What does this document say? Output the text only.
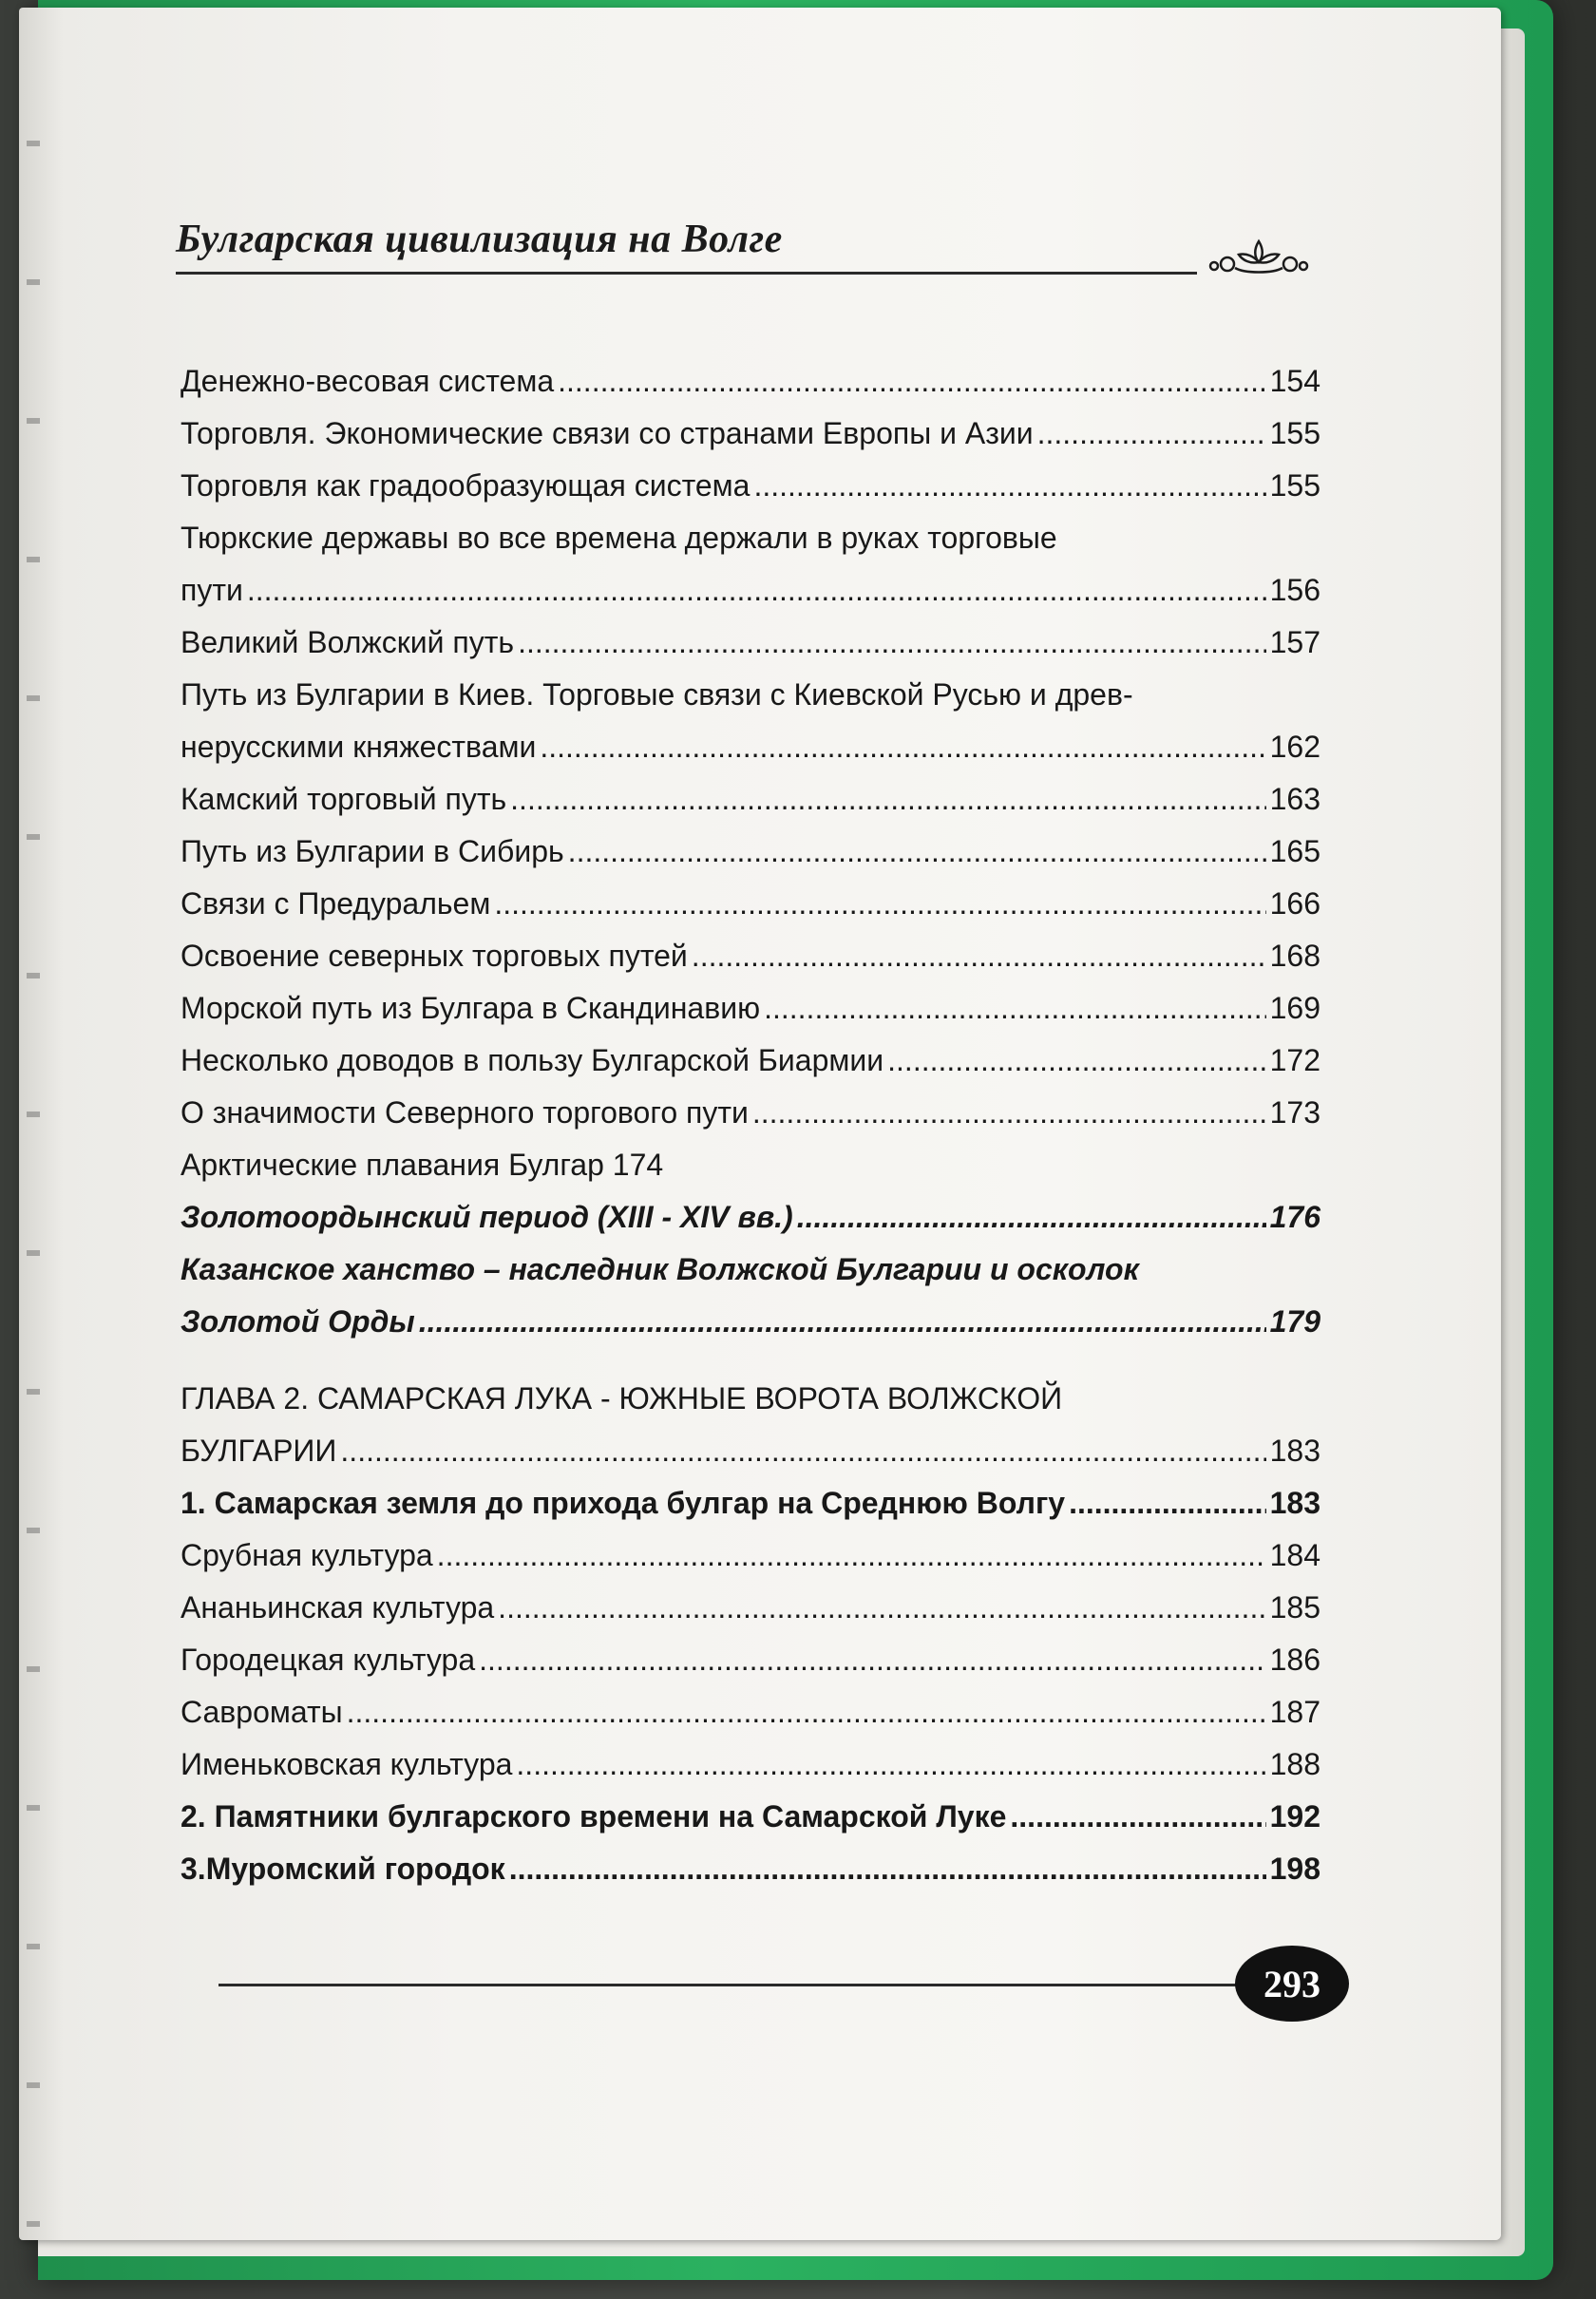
Булгарская цивилизация на Волге
Денежно-весовая система .....	154
Торговля. Экономические связи со странами Европы и Азии .....	155
Торговля как градообразующая система .....	155
Тюркские державы во все времена держали в руках торговые
пути .....	156
Великий Волжский путь .....	157
Путь из Булгарии в Киев. Торговые связи с Киевской Русью и древ-
нерусскими княжествами .....	162
Камский торговый путь .....	163
Путь из Булгарии в Сибирь .....	165
Связи с Предуральем .....	166
Освоение северных торговых путей .....	168
Морской путь из Булгара в Скандинавию .....	169
Несколько доводов в пользу Булгарской Биармии .....	172
О значимости Северного торгового пути .....	173
Арктические плавания Булгар 174
Золотоордынский период (XIII - XIV вв.) .....	176
Казанское ханство – наследник Волжской Булгарии и осколок
Золотой Орды .....	179
ГЛАВА 2. САМАРСКАЯ ЛУКА - ЮЖНЫЕ ВОРОТА ВОЛЖСКОЙ
БУЛГАРИИ .....	183
1. Самарская земля до прихода булгар на Среднюю Волгу .....	183
Срубная культура .....	184
Ананьинская культура .....	185
Городецкая культура .....	186
Савроматы .....	187
Именьковская культура .....	188
2. Памятники булгарского времени на Самарской Луке .....	192
3.Муромский городок .....	198
293
